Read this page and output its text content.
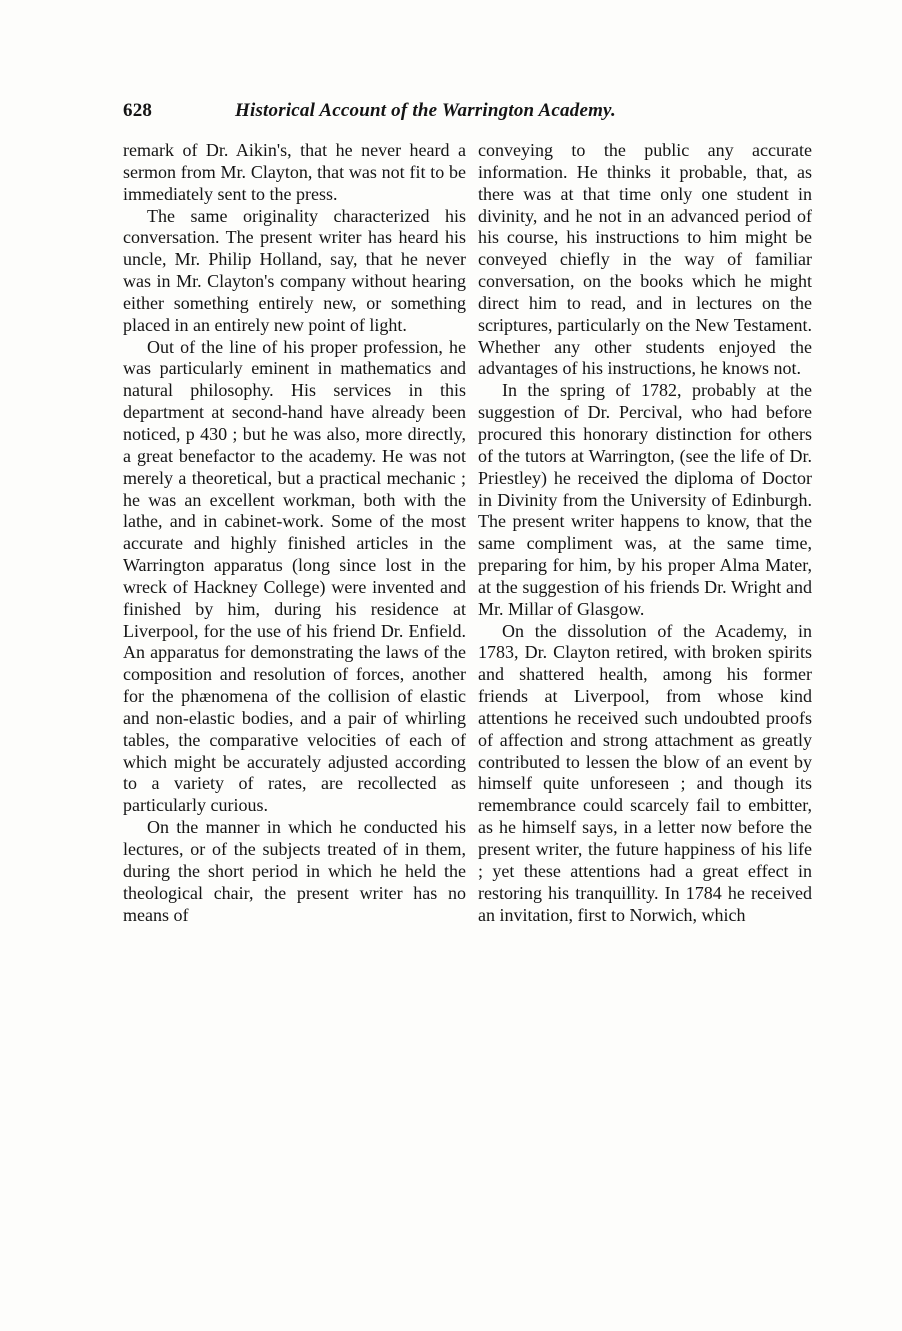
628	Historical Account of the Warrington Academy.

remark of Dr. Aikin's, that he never heard a sermon from Mr. Clayton, that was not fit to be immediately sent to the press.

The same originality characterized his conversation. The present writer has heard his uncle, Mr. Philip Holland, say, that he never was in Mr. Clayton's company without hearing either something entirely new, or something placed in an entirely new point of light.

Out of the line of his proper profession, he was particularly eminent in mathematics and natural philosophy. His services in this department at second-hand have already been noticed, p 430 ; but he was also, more directly, a great benefactor to the academy. He was not merely a theoretical, but a practical mechanic ; he was an excellent workman, both with the lathe, and in cabinet-work. Some of the most accurate and highly finished articles in the Warrington apparatus (long since lost in the wreck of Hackney College) were invented and finished by him, during his residence at Liverpool, for the use of his friend Dr. Enfield. An apparatus for demonstrating the laws of the composition and resolution of forces, another for the phænomena of the collision of elastic and non-elastic bodies, and a pair of whirling tables, the comparative velocities of each of which might be accurately adjusted according to a variety of rates, are recollected as particularly curious.

On the manner in which he conducted his lectures, or of the subjects treated of in them, during the short period in which he held the theological chair, the present writer has no means of

conveying to the public any accurate information. He thinks it probable, that, as there was at that time only one student in divinity, and he not in an advanced period of his course, his instructions to him might be conveyed chiefly in the way of familiar conversation, on the books which he might direct him to read, and in lectures on the scriptures, particularly on the New Testament. Whether any other students enjoyed the advantages of his instructions, he knows not.

In the spring of 1782, probably at the suggestion of Dr. Percival, who had before procured this honorary distinction for others of the tutors at Warrington, (see the life of Dr. Priestley) he received the diploma of Doctor in Divinity from the University of Edinburgh. The present writer happens to know, that the same compliment was, at the same time, preparing for him, by his proper Alma Mater, at the suggestion of his friends Dr. Wright and Mr. Millar of Glasgow.

On the dissolution of the Academy, in 1783, Dr. Clayton retired, with broken spirits and shattered health, among his former friends at Liverpool, from whose kind attentions he received such undoubted proofs of affection and strong attachment as greatly contributed to lessen the blow of an event by himself quite unforeseen ; and though its remembrance could scarcely fail to embitter, as he himself says, in a letter now before the present writer, the future happiness of his life ; yet these attentions had a great effect in restoring his tranquillity. In 1784 he received an invitation, first to Norwich, which
